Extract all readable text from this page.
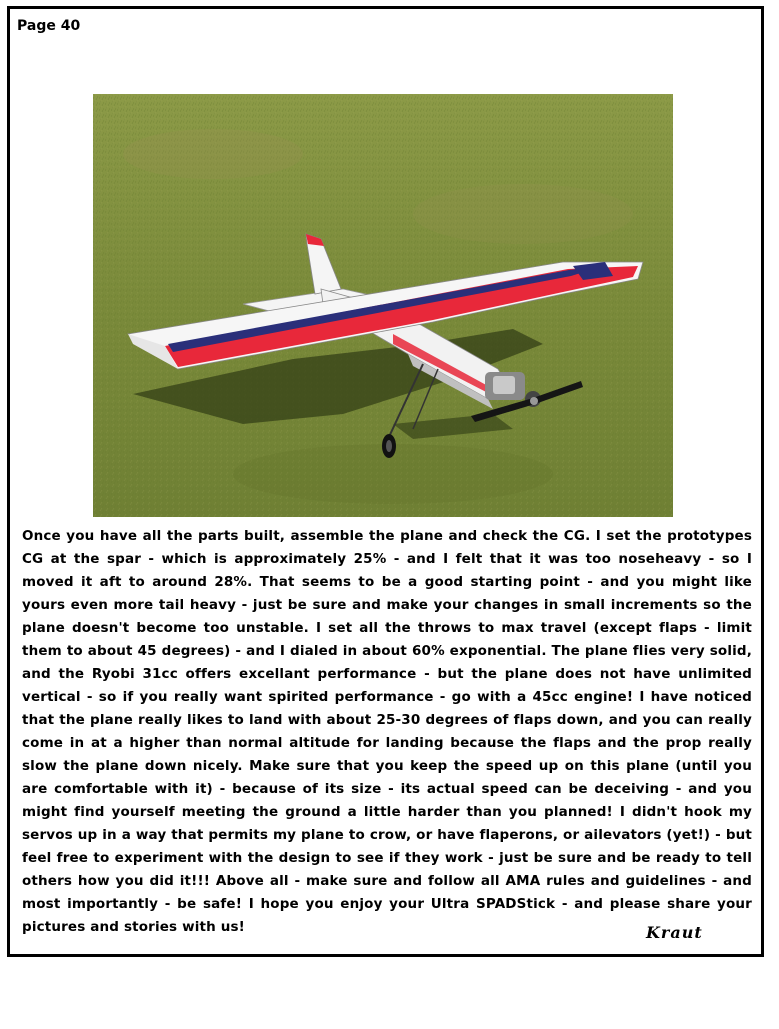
Page 40

Once you have all the parts built, assemble the plane and check the CG. I set the prototypes CG at the spar - which is approximately 25% - and I felt that it was too noseheavy - so I moved it aft to around 28%. That seems to be a good starting point - and you might like yours even more tail heavy - just be sure and make your changes in small increments so the plane doesn't become too unstable. I set all the throws to max travel (except flaps - limit them to about 45 degrees) - and I dialed in about 60% exponential. The plane flies very solid, and the Ryobi 31cc offers excellant performance - but the plane does not have unlimited vertical - so if you really want spirited performance - go with a 45cc engine! I have noticed that the plane really likes to land with about 25-30 degrees of flaps down, and you can really come in at a higher than normal altitude for landing because the flaps and the prop really slow the plane down nicely. Make sure that you keep the speed up on this plane (until you are comfortable with it) - because of its size - its actual speed can be deceiving - and you might find yourself meeting the ground a little harder than you planned! I didn't hook my servos up in a way that permits my plane to crow, or have flaperons, or ailevators (yet!) - but feel free to experiment with the design to see if they work - just be sure and be ready to tell others how you did it!!! Above all - make sure and follow all AMA rules and guidelines - and most importantly - be safe! I hope you enjoy your Ultra SPADStick - and please share your pictures and stories with us!	Kraut
